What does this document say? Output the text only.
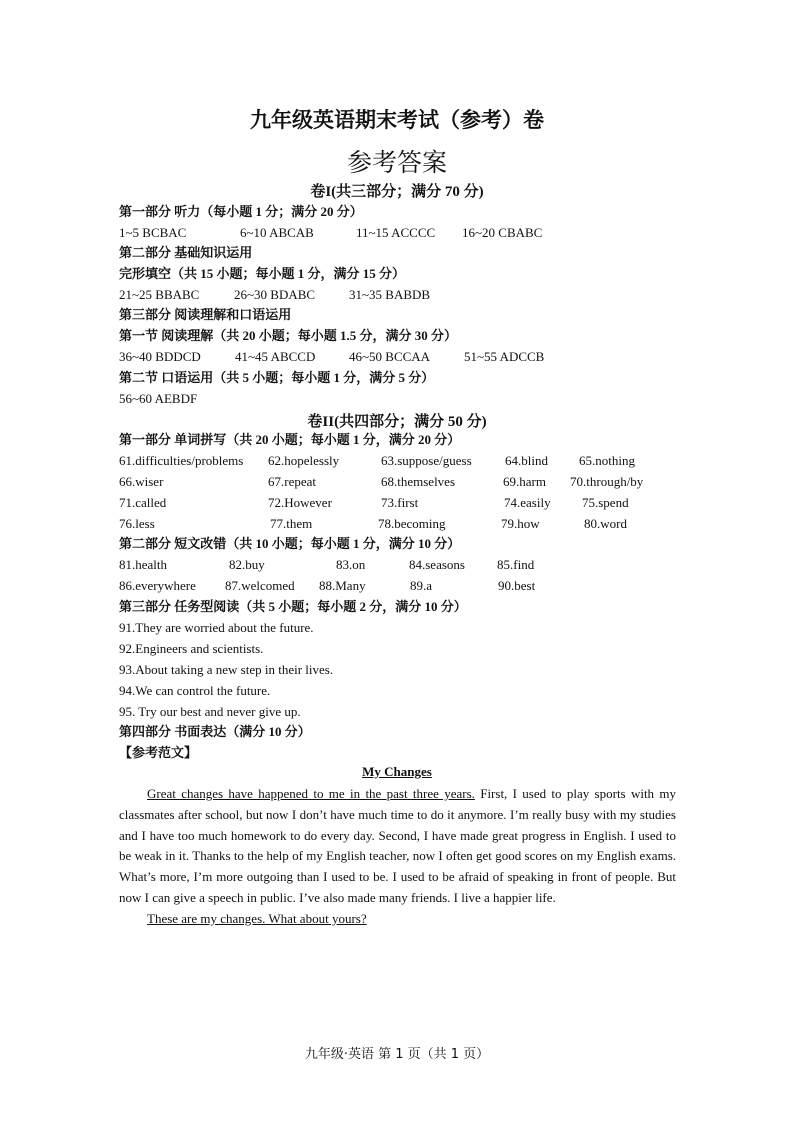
九年级英语期末考试（参考）卷
参考答案
卷I(共三部分；满分 70 分)
第一部分 听力（每小题 1 分；满分 20 分）
1~5 BCBAC	6~10 ABCAB	11~15 ACCCC 16~20 CBABC
第二部分 基础知识运用
完形填空（共 15 小题；每小题 1 分，满分 15 分）
21~25 BBABC	26~30 BDABC	31~35 BABDB
第三部分 阅读理解和口语运用
第一节 阅读理解（共 20 小题；每小题 1.5 分，满分 30 分）
36~40 BDDCD	41~45 ABCCD	46~50 BCCAA	51~55 ADCCB
第二节 口语运用（共 5 小题；每小题 1 分，满分 5 分）
56~60 AEBDF
卷II(共四部分；满分 50 分)
第一部分 单词拼写（共 20 小题；每小题 1 分，满分 20 分）
61.difficulties/problems 62.hopelessly	63.suppose/guess	64.blind 65.nothing
66.wiser	67.repeat	68.themselves	69.harm 70.through/by
71.called	72.However	73.first	74.easily 75.spend
76.less	77.them	78.becoming	79.how	80.word
第二部分 短文改错（共 10 小题；每小题 1 分，满分 10 分）
81.health	82.buy	83.on	84.seasons 85.find
86.everywhere 87.welcomed 88.Many	89.a	90.best
第三部分 任务型阅读（共 5 小题；每小题 2 分，满分 10 分）
91.They are worried about the future.
92.Engineers and scientists.
93.About taking a new step in their lives.
94.We can control the future.
95. Try our best and never give up.
第四部分 书面表达（满分 10 分）
【参考范文】
My Changes

Great changes have happened to me in the past three years. First, I used to play sports with my classmates after school, but now I don’t have much time to do it anymore. I’m really busy with my studies and I have too much homework to do every day. Second, I have made great progress in English. I used to be weak in it. Thanks to the help of my English teacher, now I often get good scores on my English exams. What’s more, I’m more outgoing than I used to be. I used to be afraid of speaking in front of people. But now I can give a speech in public. I’ve also made many friends. I live a happier life.

These are my changes. What about yours?

九年级·英语 第 1 页（共 1 页）
